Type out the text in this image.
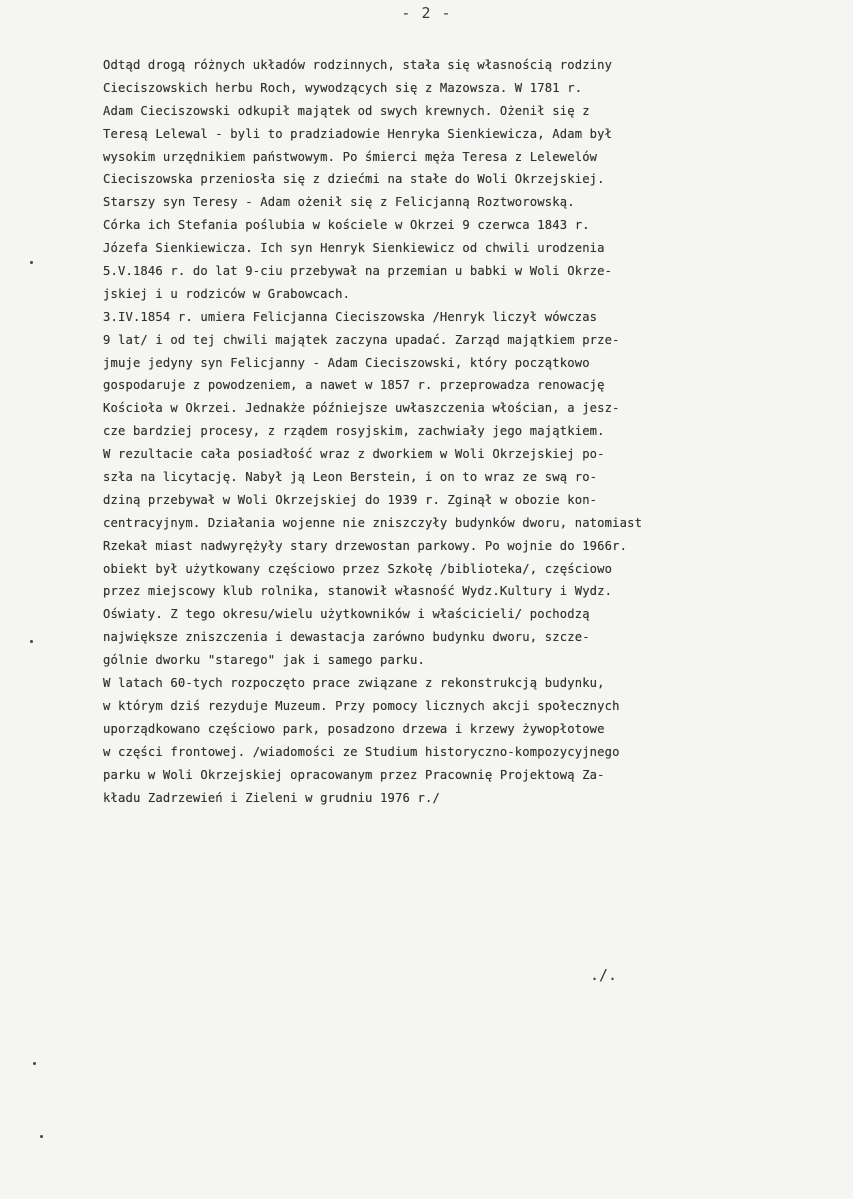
- 2 -
Odtąd drogą różnych układów rodzinnych, stała się własnością rodziny
Cieciszowskich herbu Roch, wywodzących się z Mazowsza. W 1781 r.
Adam Cieciszowski odkupił majątek od swych krewnych. Ożenił się z
Teresą Lelewal - byli to pradziadowie Henryka Sienkiewicza, Adam był
wysokim urzędnikiem państwowym. Po śmierci męża Teresa z Lelewelów
Cieciszowska przeniosła się z dziećmi na stałe do Woli Okrzejskiej.
Starszy syn Teresy - Adam ożenił się z Felicjanną Roztworowską.
Córka ich Stefania poślubia w kościele w Okrzei 9 czerwca 1843 r.
Józefa Sienkiewicza. Ich syn Henryk Sienkiewicz od chwili urodzenia
5.V.1846 r. do lat 9-ciu przebywał na przemian u babki w Woli Okrze-
jskiej i u rodziców w Grabowcach.
3.IV.1854 r. umiera Felicjanna Cieciszowska /Henryk liczył wówczas
9 lat/ i od tej chwili majątek zaczyna upadać. Zarząd majątkiem prze-
jmuje jedyny syn Felicjanny - Adam Cieciszowski, który początkowo
gospodaruje z powodzeniem, a nawet w 1857 r. przeprowadza renowację
Kościoła w Okrzei. Jednakże późniejsze uwłaszczenia włościan, a jesz-
cze bardziej procesy, z rządem rosyjskim, zachwiały jego majątkiem.
W rezultacie cała posiadłość wraz z dworkiem w Woli Okrzejskiej po-
szła na licytację. Nabył ją Leon Berstein, i on to wraz ze swą ro-
dziną przebywał w Woli Okrzejskiej do 1939 r. Zginął w obozie kon-
centracyjnym. Działania wojenne nie zniszczyły budynków dworu, natomiast
Rzekał miast nadwyrężyły stary drzewostan parkowy. Po wojnie do 1966r.
obiekt był użytkowany częściowo przez Szkołę /biblioteka/, częściowo
przez miejscowy klub rolnika, stanowił własność Wydz.Kultury i Wydz.
Oświaty. Z tego okresu/wielu użytkowników i właścicieli/ pochodzą
największe zniszczenia i dewastacja zarówno budynku dworu, szcze-
gólnie dworku "starego" jak i samego parku.
W latach 60-tych rozpoczęto prace związane z rekonstrukcją budynku,
w którym dziś rezyduje Muzeum. Przy pomocy licznych akcji społecznych
uporządkowano częściowo park, posadzono drzewa i krzewy żywopłotowe
w części frontowej. /wiadomości ze Studium historyczno-kompozycyjnego
parku w Woli Okrzejskiej opracowanym przez Pracownię Projektową Za-
kładu Zadrzewień i Zieleni w grudniu 1976 r./
./.
